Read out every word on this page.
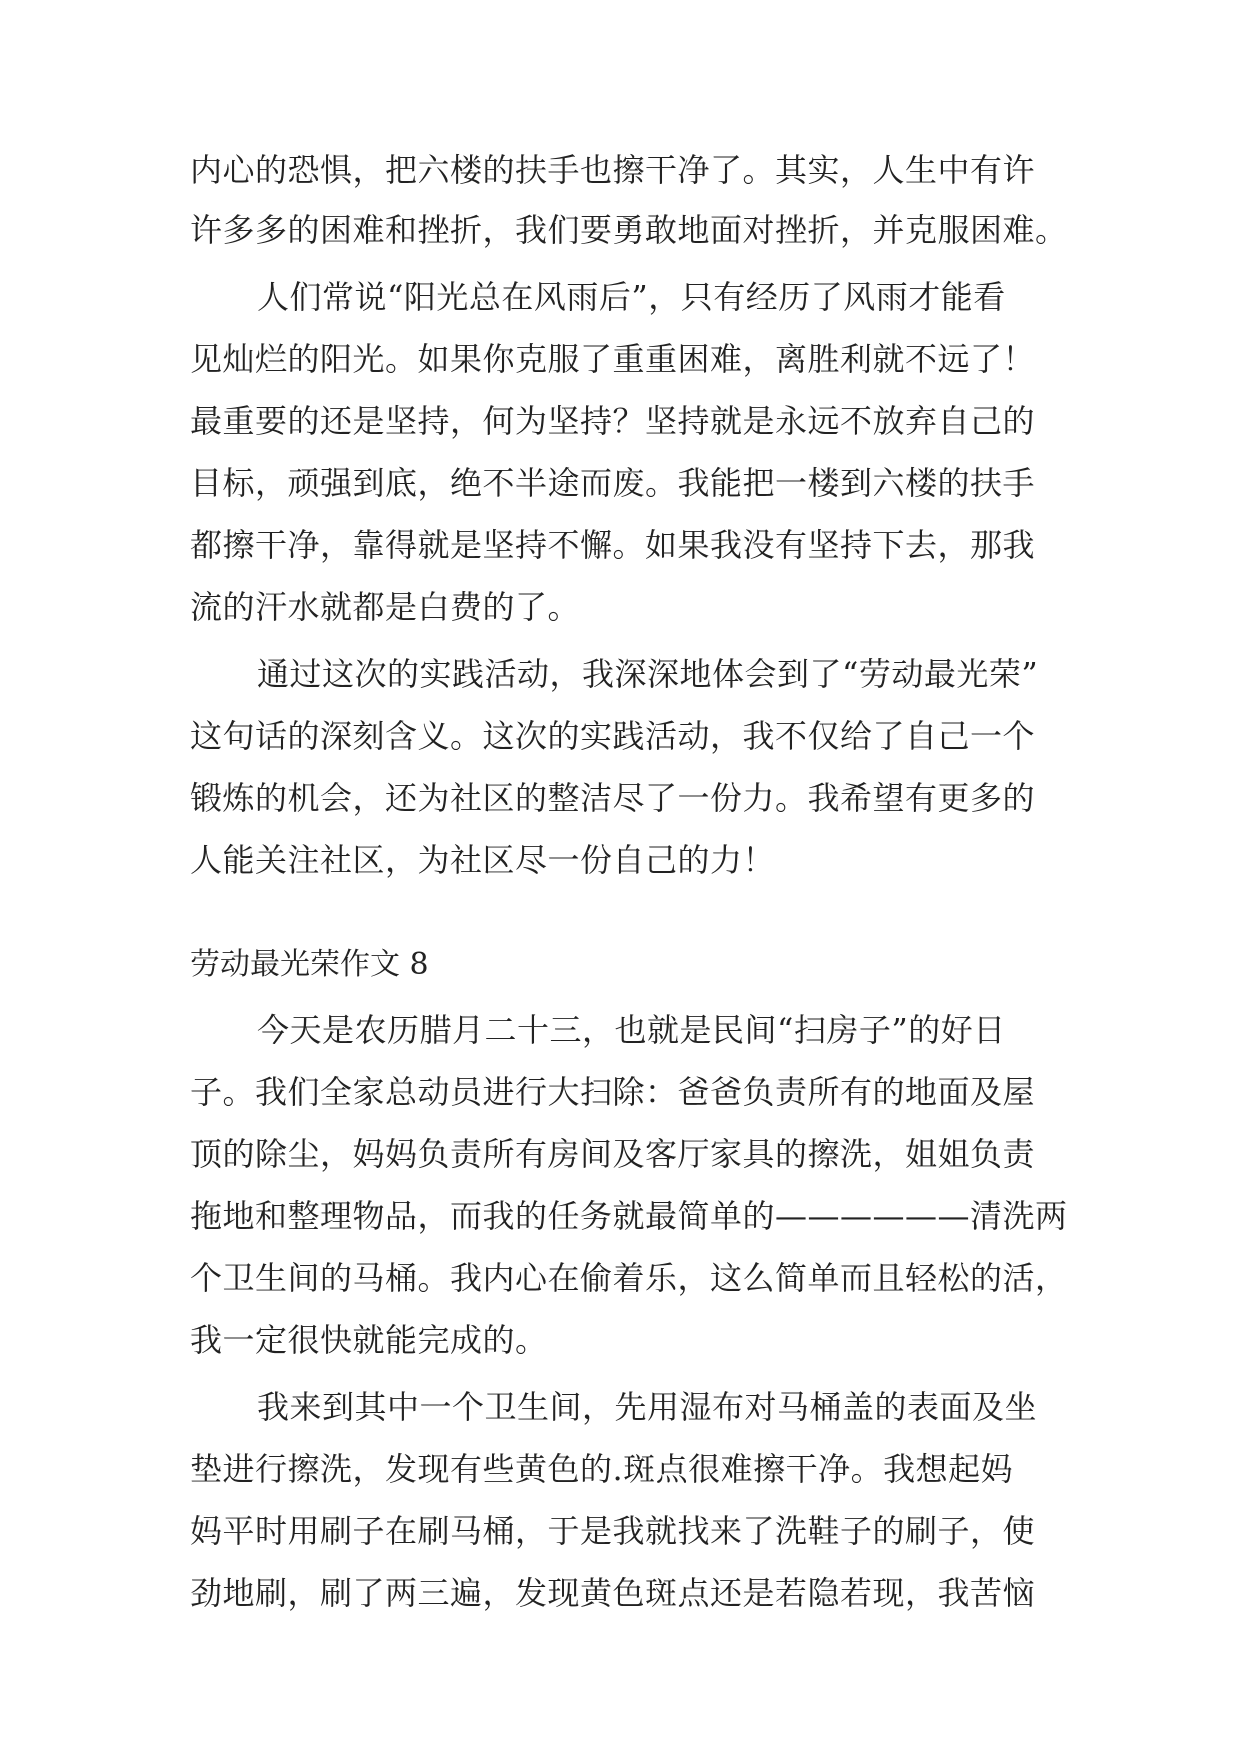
内心的恐惧，把六楼的扶手也擦干净了。其实，人生中有许
许多多的困难和挫折，我们要勇敢地面对挫折，并克服困难。
人们常说“阳光总在风雨后”，只有经历了风雨才能看
见灿烂的阳光。如果你克服了重重困难，离胜利就不远了！
最重要的还是坚持，何为坚持？坚持就是永远不放弃自己的
目标，顽强到底，绝不半途而废。我能把一楼到六楼的扶手
都擦干净，靠得就是坚持不懈。如果我没有坚持下去，那我
流的汗水就都是白费的了。
通过这次的实践活动，我深深地体会到了“劳动最光荣”
这句话的深刻含义。这次的实践活动，我不仅给了自己一个
锻炼的机会，还为社区的整洁尽了一份力。我希望有更多的
人能关注社区，为社区尽一份自己的力！
劳动最光荣作文 8
今天是农历腊月二十三，也就是民间“扫房子”的好日
子。我们全家总动员进行大扫除：爸爸负责所有的地面及屋
顶的除尘，妈妈负责所有房间及客厅家具的擦洗，姐姐负责
拖地和整理物品，而我的任务就最简单的——————清洗两
个卫生间的马桶。我内心在偷着乐，这么简单而且轻松的活，
我一定很快就能完成的。
我来到其中一个卫生间，先用湿布对马桶盖的表面及坐
垫进行擦洗，发现有些黄色的.斑点很难擦干净。我想起妈
妈平时用刷子在刷马桶，于是我就找来了洗鞋子的刷子，使
劲地刷，刷了两三遍，发现黄色斑点还是若隐若现，我苦恼
